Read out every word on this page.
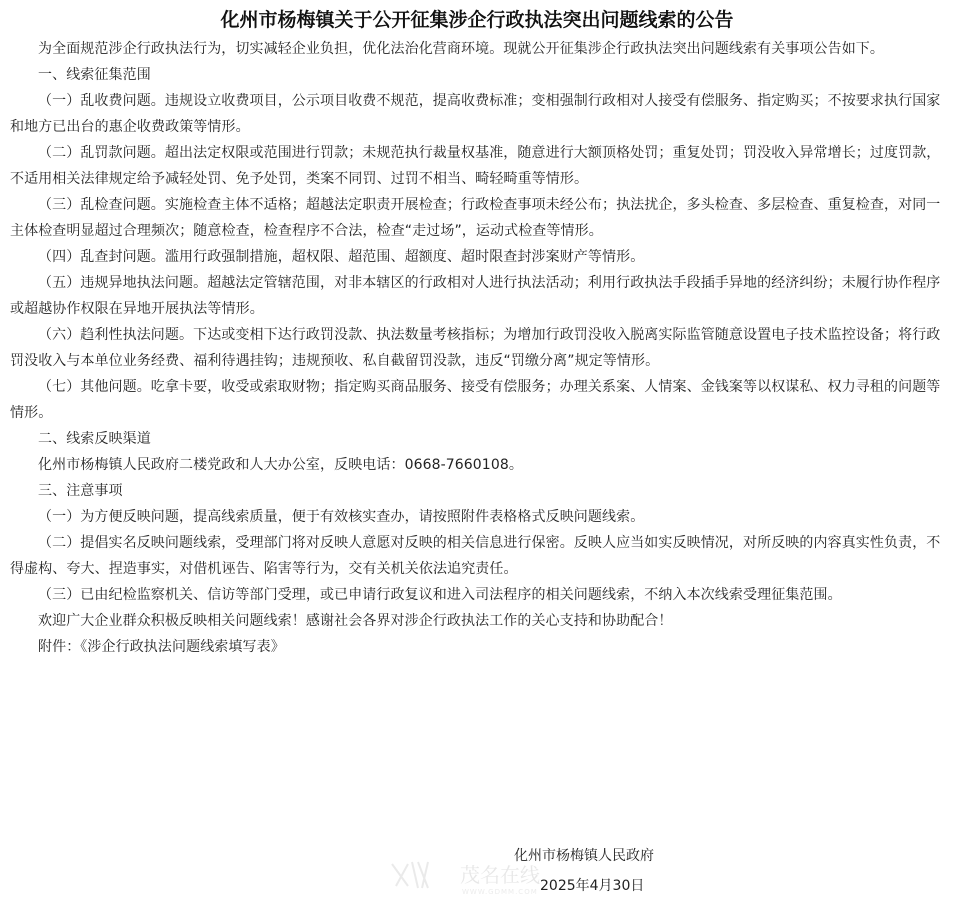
化州市杨梅镇关于公开征集涉企行政执法突出问题线索的公告

为全面规范涉企行政执法行为，切实减轻企业负担，优化法治化营商环境。现就公开征集涉企行政执法突出问题线索有关事项公告如下。

一、线索征集范围

（一）乱收费问题。违规设立收费项目，公示项目收费不规范，提高收费标准；变相强制行政相对人接受有偿服务、指定购买；不按要求执行国家和地方已出台的惠企收费政策等情形。

（二）乱罚款问题。超出法定权限或范围进行罚款；未规范执行裁量权基准，随意进行大额顶格处罚；重复处罚；罚没收入异常增长；过度罚款，不适用相关法律规定给予减轻处罚、免予处罚，类案不同罚、过罚不相当、畸轻畸重等情形。

（三）乱检查问题。实施检查主体不适格；超越法定职责开展检查；行政检查事项未经公布；执法扰企，多头检查、多层检查、重复检查，对同一主体检查明显超过合理频次；随意检查，检查程序不合法，检查“走过场”，运动式检查等情形。

（四）乱查封问题。滥用行政强制措施，超权限、超范围、超额度、超时限查封涉案财产等情形。

（五）违规异地执法问题。超越法定管辖范围，对非本辖区的行政相对人进行执法活动；利用行政执法手段插手异地的经济纠纷；未履行协作程序或超越协作权限在异地开展执法等情形。

（六）趋利性执法问题。下达或变相下达行政罚没款、执法数量考核指标；为增加行政罚没收入脱离实际监管随意设置电子技术监控设备；将行政罚没收入与本单位业务经费、福利待遇挂钩；违规预收、私自截留罚没款，违反“罚缴分离”规定等情形。

（七）其他问题。吃拿卡要，收受或索取财物；指定购买商品服务、接受有偿服务；办理关系案、人情案、金钱案等以权谋私、权力寻租的问题等情形。

二、线索反映渠道

化州市杨梅镇人民政府二楼党政和人大办公室，反映电话：0668-7660108。

三、注意事项

（一）为方便反映问题，提高线索质量，便于有效核实查办，请按照附件表格格式反映问题线索。

（二）提倡实名反映问题线索，受理部门将对反映人意愿对反映的相关信息进行保密。反映人应当如实反映情况，对所反映的内容真实性负责，不得虚构、夸大、捏造事实，对借机诬告、陷害等行为，交有关机关依法追究责任。

（三）已由纪检监察机关、信访等部门受理，或已申请行政复议和进入司法程序的相关问题线索，不纳入本次线索受理征集范围。

欢迎广大企业群众积极反映相关问题线索！感谢社会各界对涉企行政执法工作的关心支持和协助配合！

附件：《涉企行政执法问题线索填写表》

茂名在线
WWW.GDMM.COM

化州市杨梅镇人民政府

2025年4月30日
